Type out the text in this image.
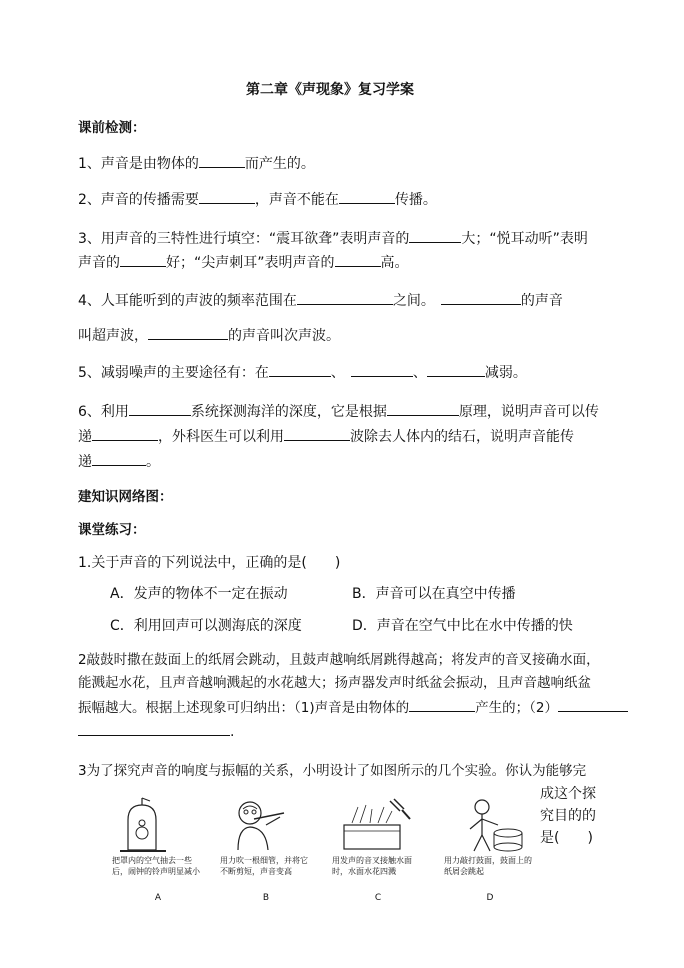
第二章《声现象》复习学案
课前检测：
1、声音是由物体的	而产生的。
2、声音的传播需要	，声音不能在	传播。
3、用声音的三特性进行填空：“震耳欲聋”表明声音的	大；“悦耳动听”表明
声音的	好；“尖声刺耳”表明声音的	高。
4、人耳能听到的声波的频率范围在	之间。	的声音
叫超声波，	的声音叫次声波。
5、减弱噪声的主要途径有：在	、	、	减弱。
6、利用	系统探测海洋的深度，它是根据	原理，说明声音可以传
递	，外科医生可以利用	波除去人体内的结石，说明声音能传
递	。
建知识网络图：
课堂练习：
1.关于声音的下列说法中，正确的是(　　)
A．发声的物体不一定在振动	B．声音可以在真空中传播
C．利用回声可以测海底的深度	D．声音在空气中比在水中传播的快
2敲鼓时撒在鼓面上的纸屑会跳动，且鼓声越响纸屑跳得越高；将发声的音叉接确水面，
能溅起水花，且声音越响溅起的水花越大；扬声器发声时纸盆会振动，且声音越响纸盆
振幅越大。根据上述现象可归纳出：（1)声音是由物体的	产生的；（2）
.
3为了探究声音的响度与振幅的关系，小明设计了如图所示的几个实验。你认为能够完
成这个探
究目的的
是(　　)
把罩内的空气抽去一些后，闹钟的铃声明显减小
A
用力吹一根细管，并将它不断剪短，声音变高
B
用发声的音叉接触水面时，水面水花四溅
C
用力敲打鼓面，鼓面上的纸屑会跳起
D
